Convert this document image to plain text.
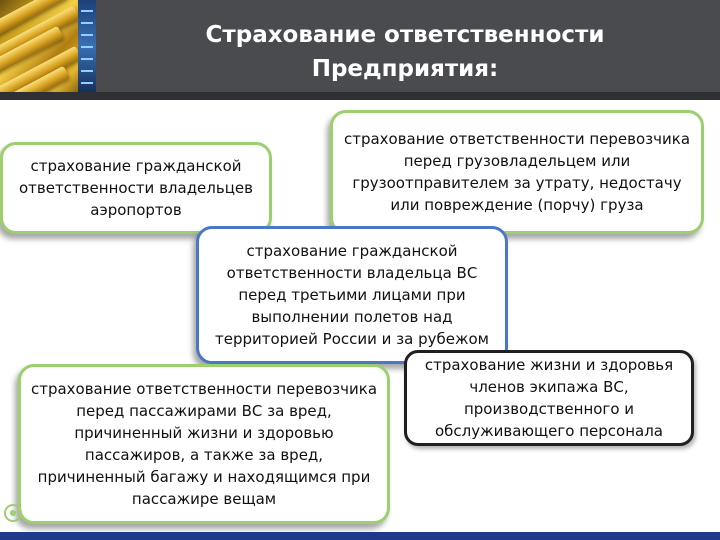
Страхование ответственности
Предприятия:
страхование гражданской ответственности владельцев аэропортов
страхование ответственности перевозчика перед грузовладельцем или грузоотправителем за утрату, недостачу или повреждение (порчу) груза
страхование гражданской ответственности владельца ВС перед третьими лицами при выполнении полетов над территорией России и за рубежом
страхование жизни и здоровья членов экипажа ВС, производственного и обслуживающего персонала
страхование ответственности перевозчика перед пассажирами ВС за вред, причиненный жизни и здоровью пассажиров, а также за вред, причиненный багажу и находящимся при пассажире вещам
